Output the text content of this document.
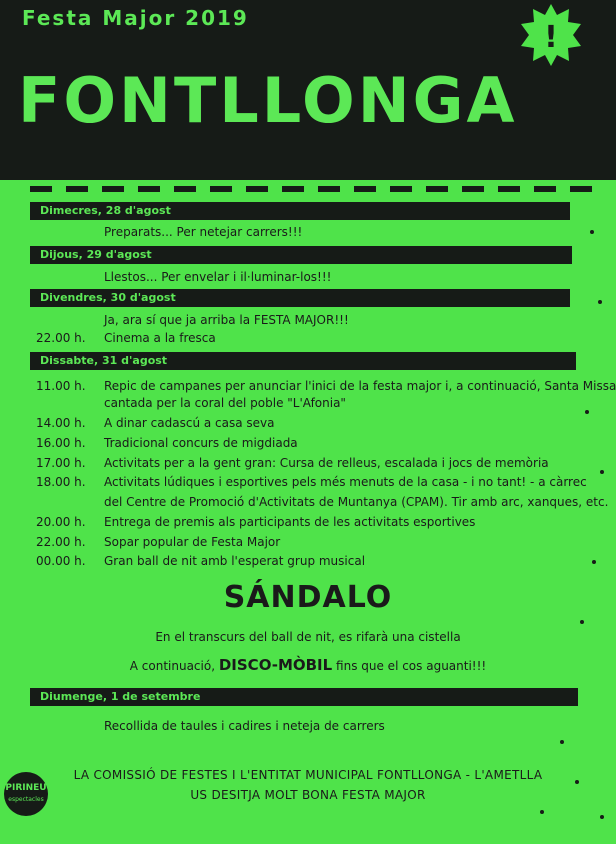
Festa Major 2019
FONTLLONGA
!
Dimecres, 28 d'agost
Preparats... Per netejar carrers!!!
Dijous, 29 d'agost
Llestos... Per envelar i il·luminar-los!!!
Divendres, 30 d'agost
Ja, ara sí que ja arriba la FESTA MAJOR!!!
22.00 h. Cinema a la fresca
Dissabte, 31 d'agost
11.00 h. Repic de campanes per anunciar l'inici de la festa major i, a continuació, Santa Missa
cantada per la coral del poble "L'Afonia"
14.00 h. A dinar cadascú a casa seva
16.00 h. Tradicional concurs de migdiada
17.00 h. Activitats per a la gent gran: Cursa de relleus, escalada i jocs de memòria
18.00 h. Activitats lúdiques i esportives pels més menuts de la casa - i no tant! - a càrrec
del Centre de Promoció d'Activitats de Muntanya (CPAM). Tir amb arc, xanques, etc.
20.00 h. Entrega de premis als participants de les activitats esportives
22.00 h. Sopar popular de Festa Major
00.00 h. Gran ball de nit amb l'esperat grup musical
SÁNDALO
En el transcurs del ball de nit, es rifarà una cistella
A continuació, DISCO-MÒBIL fins que el cos aguanti!!!
Diumenge, 1 de setembre
Recollida de taules i cadires i neteja de carrers
LA COMISSIÓ DE FESTES I L'ENTITAT MUNICIPAL FONTLLONGA - L'AMETLLA
US DESITJA MOLT BONA FESTA MAJOR
PIRINEU
espectacles
